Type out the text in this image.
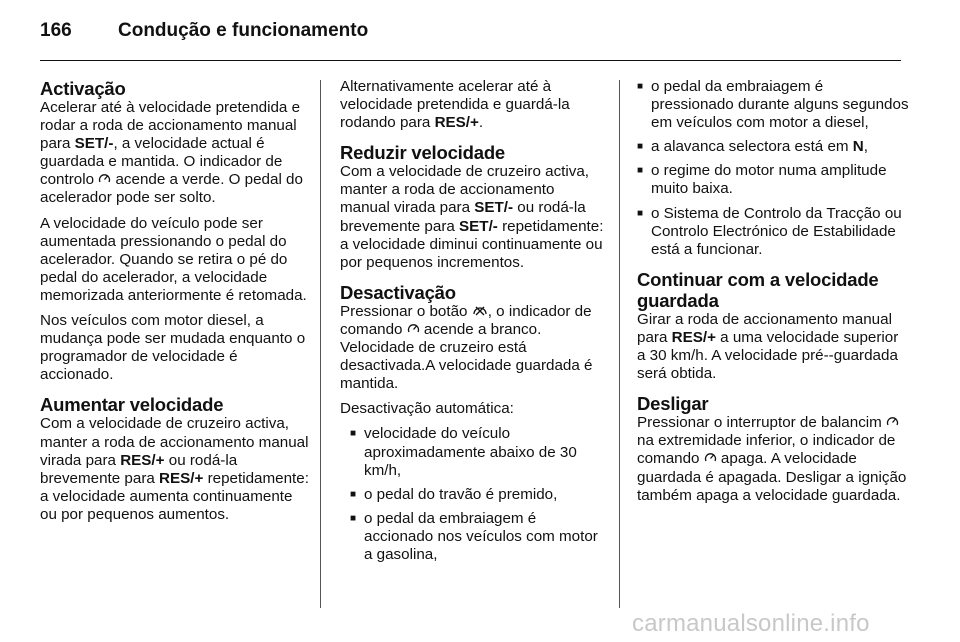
166	Condução e funcionamento
Activação

Acelerar até à velocidade pretendida e rodar a roda de accionamento manual para SET/-, a velocidade actual é guardada e mantida. O indicador de controlo  acende a verde. O pedal do acelerador pode ser solto.

A velocidade do veículo pode ser aumentada pressionando o pedal do acelerador. Quando se retira o pé do pedal do acelerador, a velocidade memorizada anteriormente é retomada.

Nos veículos com motor diesel, a mudança pode ser mudada enquanto o programador de velocidade é accionado.

Aumentar velocidade

Com a velocidade de cruzeiro activa, manter a roda de accionamento manual virada para RES/+ ou rodá-la brevemente para RES/+ repetidamente: a velocidade aumenta continuamente ou por pequenos aumentos.

Alternativamente acelerar até à velocidade pretendida e guardá-la rodando para RES/+.

Reduzir velocidade

Com a velocidade de cruzeiro activa, manter a roda de accionamento manual virada para SET/- ou rodá-la brevemente para SET/- repetidamente: a velocidade diminui continuamente ou por pequenos incrementos.

Desactivação

Pressionar o botão , o indicador de comando  acende a branco. Velocidade de cruzeiro está desactivada.A velocidade guardada é mantida.

Desactivação automática:

■ velocidade do veículo aproximadamente abaixo de 30 km/h,
■ o pedal do travão é premido,
■ o pedal da embraiagem é accionado nos veículos com motor a gasolina,
■ o pedal da embraiagem é pressionado durante alguns segundos em veículos com motor a diesel,
■ a alavanca selectora está em N,
■ o regime do motor numa amplitude muito baixa.
■ o Sistema de Controlo da Tracção ou Controlo Electrónico de Estabilidade está a funcionar.
Continuar com a velocidade guardada

Girar a roda de accionamento manual para RES/+ a uma velocidade superior a 30 km/h. A velocidade pré--guardada será obtida.

Desligar

Pressionar o interruptor de balancim  na extremidade inferior, o indicador de comando  apaga. A velocidade guardada é apagada. Desligar a ignição também apaga a velocidade guardada.

carmanualsonline.info
